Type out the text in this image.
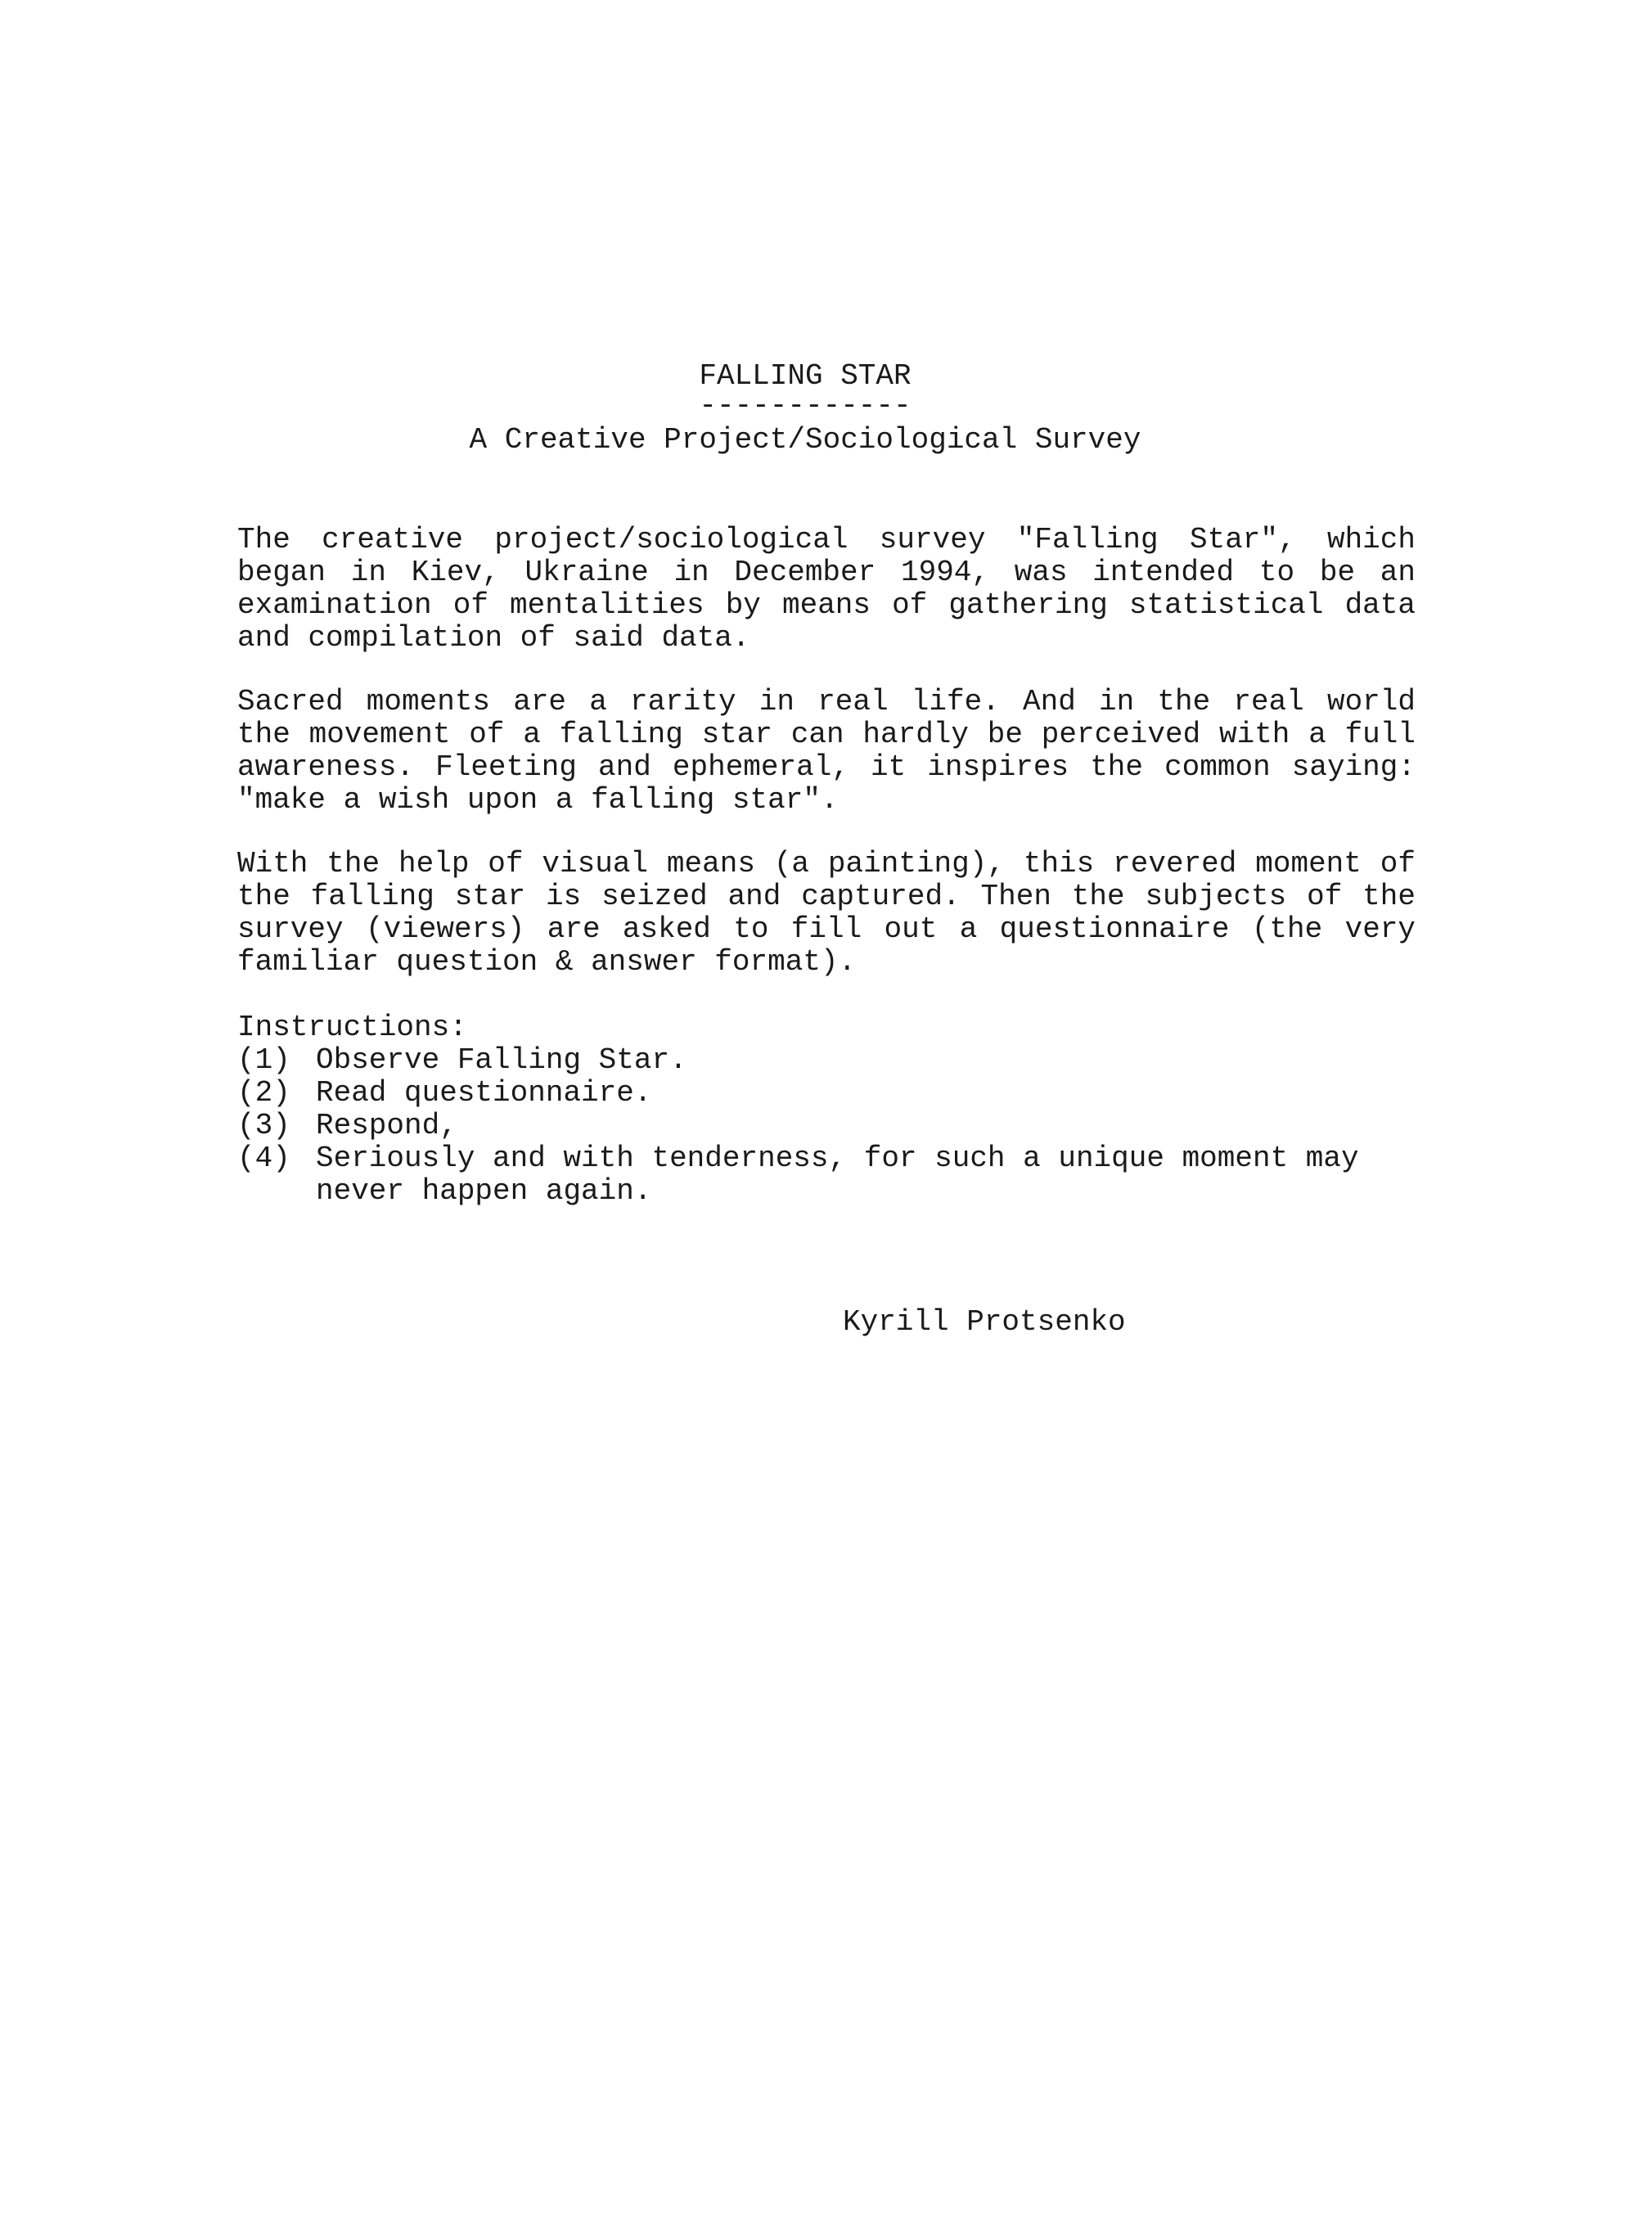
FALLING STAR
------------
A Creative Project/Sociological Survey

The creative project/sociological survey "Falling Star", which began in Kiev, Ukraine in December 1994, was intended to be an examination of mentalities by means of gathering statistical data and compilation of said data.

Sacred moments are a rarity in real life. And in the real world the movement of a falling star can hardly be perceived with a full awareness. Fleeting and ephemeral, it inspires the common saying: "make a wish upon a falling star".

With the help of visual means (a painting), this revered moment of the falling star is seized and captured. Then the subjects of the survey (viewers) are asked to fill out a questionnaire (the very familiar question & answer format).

Instructions:
(1) Observe Falling Star.
(2) Read questionnaire.
(3) Respond,
(4) Seriously and with tenderness, for such a unique moment may never happen again.
Kyrill Protsenko
